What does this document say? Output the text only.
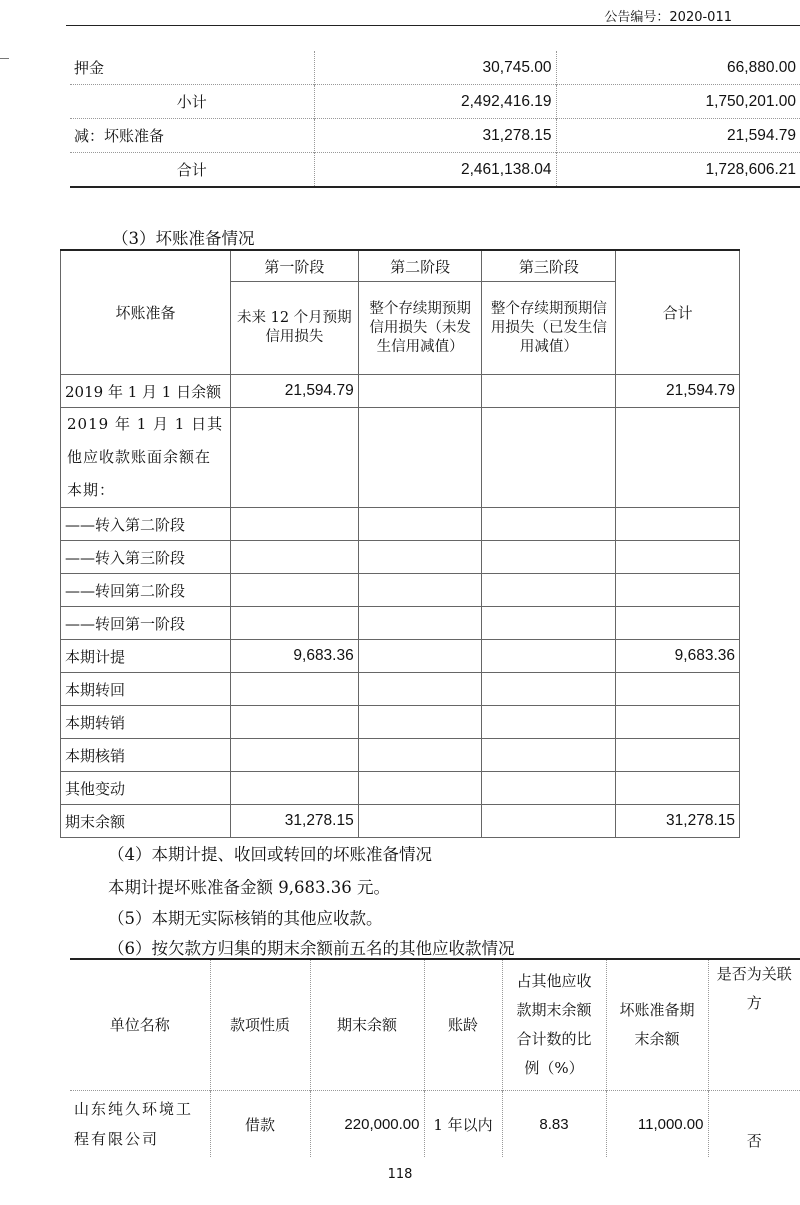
公告编号：2020-011
押金	30,745.00	66,880.00
小计	2,492,416.19	1,750,201.00
减：坏账准备	31,278.15	21,594.79
合计	2,461,138.04	1,728,606.21
（3）坏账准备情况
坏账准备	第一阶段	第二阶段	第三阶段	合计
	未来 12 个月预期信用损失	整个存续期预期信用损失（未发生信用减值）	整个存续期预期信用损失（已发生信用减值）	
2019 年 1 月 1 日余额	21,594.79			21,594.79
2019 年 1 月 1 日其他应收款账面余额在本期：				
——转入第二阶段				
——转入第三阶段				
——转回第二阶段				
——转回第一阶段				
本期计提	9,683.36			9,683.36
本期转回				
本期转销				
本期核销				
其他变动				
期末余额	31,278.15			31,278.15
（4）本期计提、收回或转回的坏账准备情况
本期计提坏账准备金额 9,683.36 元。
（5）本期无实际核销的其他应收款。
（6）按欠款方归集的期末余额前五名的其他应收款情况
单位名称	款项性质	期末余额	账龄	占其他应收款期末余额合计数的比例（%）	坏账准备期末余额	是否为关联方
山东纯久环境工程有限公司	借款	220,000.00	1 年以内	8.83	11,000.00	否
118
